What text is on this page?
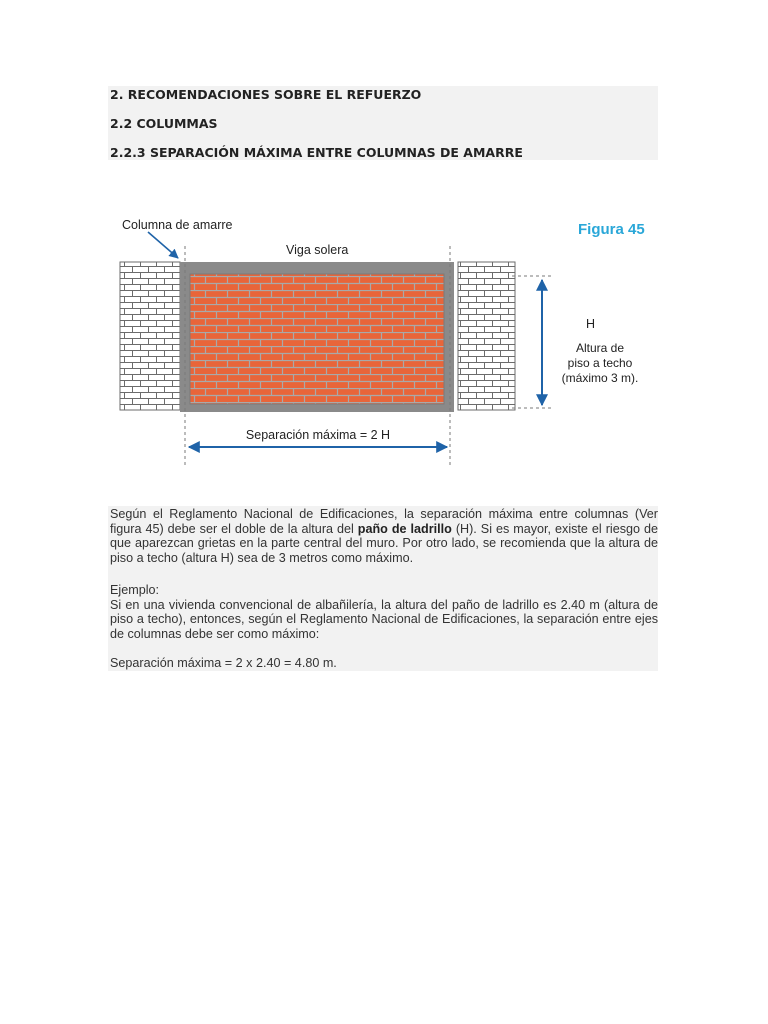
2. RECOMENDACIONES SOBRE EL REFUERZO

2.2 COLUMMAS

2.2.3 SEPARACIÓN MÁXIMA ENTRE COLUMNAS DE AMARRE

Columna de amarre
Viga solera
Figura 45
H
Altura de
piso a techo
(máximo 3 m).
Separación máxima = 2 H

Según el Reglamento Nacional de Edificaciones, la separación máxima entre columnas (Ver figura 45) debe ser el doble de la altura del paño de ladrillo (H). Si es mayor, existe el riesgo de que aparezcan grietas en la parte central del muro. Por otro lado, se recomienda que la altura de piso a techo (altura H) sea de 3 metros como máximo.

Ejemplo:
Si en una vivienda convencional de albañilería, la altura del paño de ladrillo es 2.40 m (altura de piso a techo), entonces, según el Reglamento Nacional de Edificaciones, la separación entre ejes de columnas debe ser como máximo:

Separación máxima = 2 x 2.40 = 4.80 m.
